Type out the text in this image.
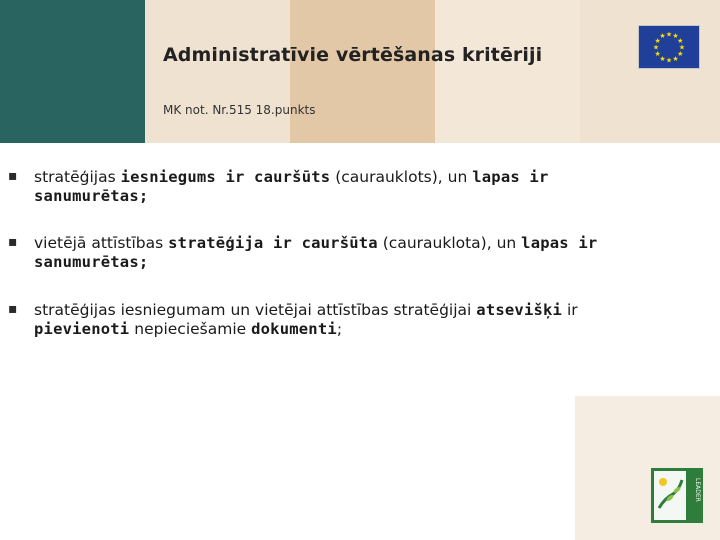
Administratīvie vērtēšanas kritēriji
MK not. Nr.515 18.punkts
★ ★
★
★
★
★
★
★
★
★
★
★
▪
stratēģijas iesniegums ir cauršūts (caurauklots), un lapas ir sanumurētas;
▪
vietējā attīstības stratēģija ir cauršūta (caurauklota), un lapas ir sanumurētas;
▪
stratēģijas iesniegumam un vietējai attīstības stratēģijai atsevišķi ir pievienoti nepieciešamie dokumenti;
LEADER
